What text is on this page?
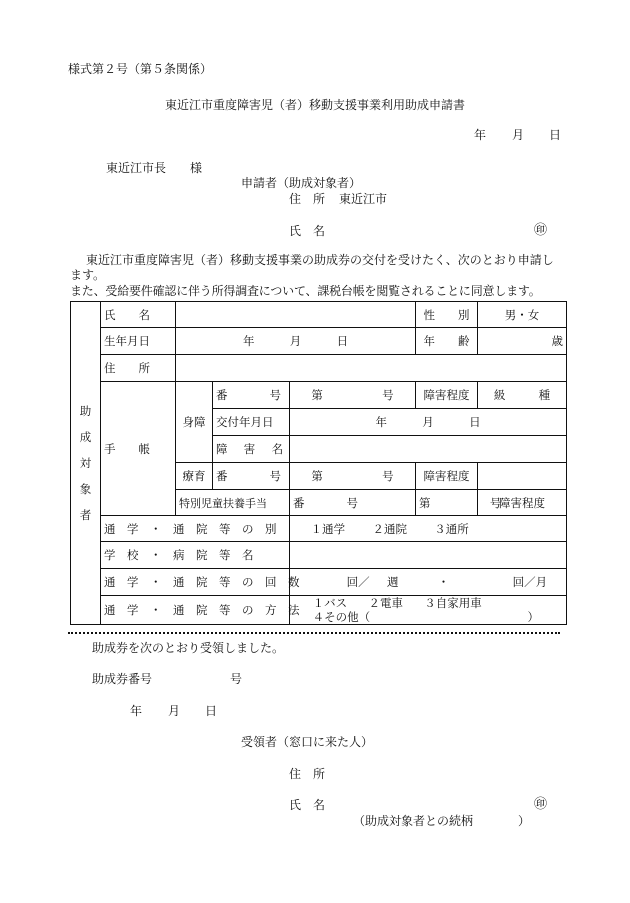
様式第２号（第５条関係）
東近江市重度障害児（者）移動支援事業利用助成申請書
年 月 日
東近江市長　　様
申請者（助成対象者）
住　所 東近江市
氏　名	㊞
東近江市重度障害児（者）移動支援事業の助成券の交付を受けたく、次のとおり申請し
ます。
また、受給要件確認に伴う所得調査について、課税台帳を閲覧されることに同意します。
助
成
対
象
者	氏　　名				性　　別	男・女	
	生年月日	年 月 日			年　　齢	歳	
	住　　所						
	手　　帳	身障	番　　号	第 号	障害程度	級 種	
			交付年月日	年 月 日			
			障 害 名				
		療育	番　　号	第 号	障害程度		
		特別児童扶養手当		番　　号	第 号	障害程度	
	通　学　・　通　院　等　の　別			１通学 ２通院 ３通所			
	学　校　・　病　院　等　名						
	通　学　・　通　院　等　の　回　数			回／ 週 ・ 回／月			
	通　学　・　通　院　等　の　方　法			１バス ２電車 ３自家用車
４その他（ ）			
助成券を次のとおり受領しました。
助成券番号	号
年 月 日
受領者（窓口に来た人）
住　所
氏　名	㊞
（助成対象者との続柄	）
